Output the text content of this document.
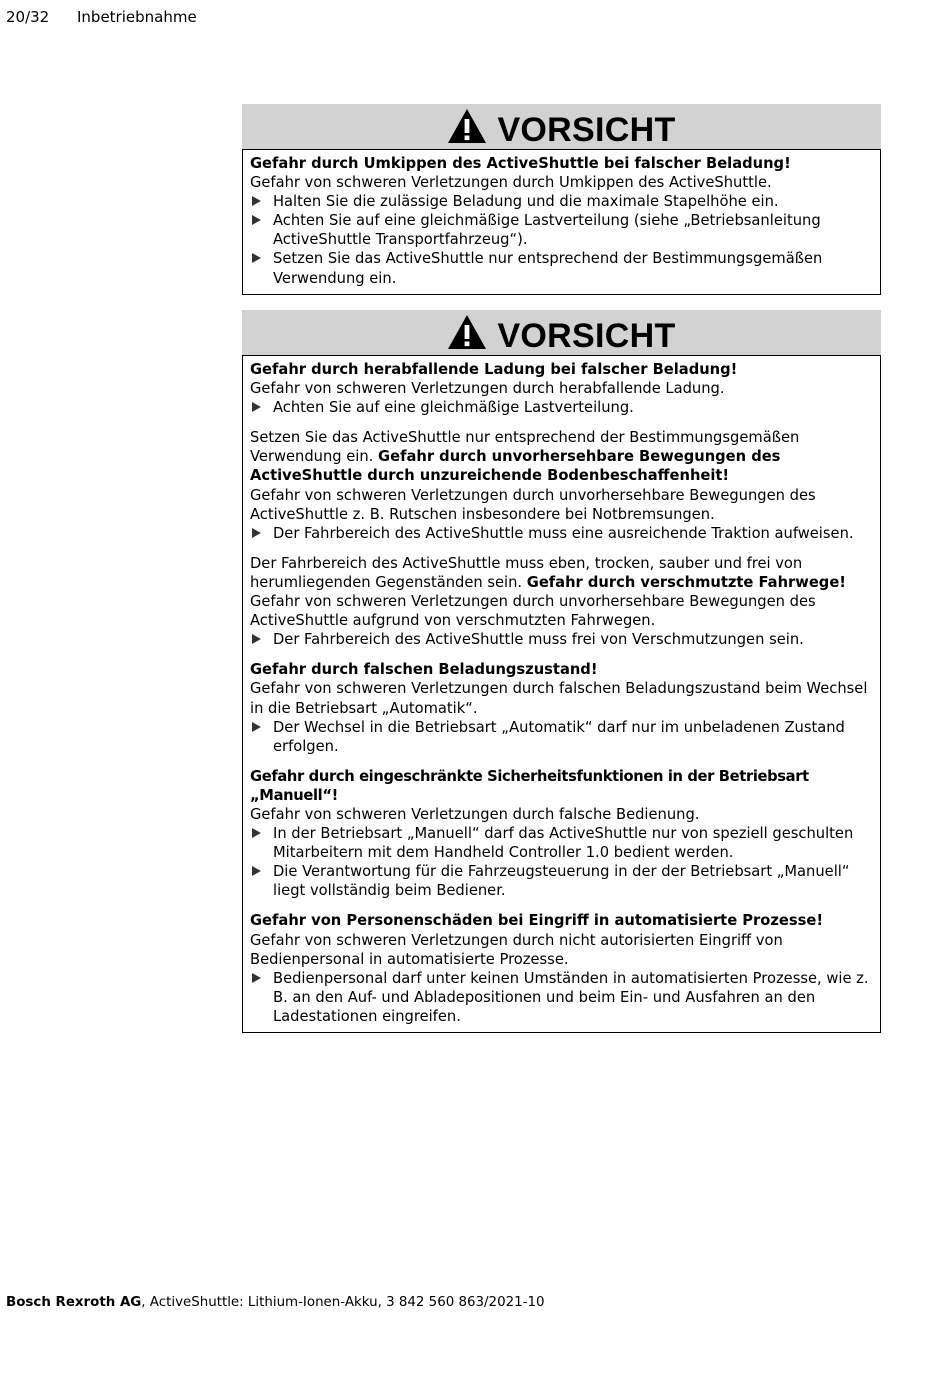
20/32 Inbetriebnahme
VORSICHT

Gefahr durch Umkippen des ActiveShuttle bei falscher Beladung!

Gefahr von schweren Verletzungen durch Umkippen des ActiveShuttle.

Halten Sie die zulässige Beladung und die maximale Stapelhöhe ein.
Achten Sie auf eine gleichmäßige Lastverteilung (siehe „Betriebsanleitung ActiveShuttle Transportfahrzeug“).
Setzen Sie das ActiveShuttle nur entsprechend der Bestimmungsgemäßen Verwendung ein.
VORSICHT

Gefahr durch herabfallende Ladung bei falscher Beladung!

Gefahr von schweren Verletzungen durch herabfallende Ladung.

Achten Sie auf eine gleichmäßige Lastverteilung.

Setzen Sie das ActiveShuttle nur entsprechend der Bestimmungsgemäßen Verwendung ein. Gefahr durch unvorhersehbare Bewegungen des ActiveShuttle durch unzureichende Bodenbeschaffenheit!

Gefahr von schweren Verletzungen durch unvorhersehbare Bewegungen des ActiveShuttle z. B. Rutschen insbesondere bei Notbremsungen.

Der Fahrbereich des ActiveShuttle muss eine ausreichende Traktion aufweisen.

Der Fahrbereich des ActiveShuttle muss eben, trocken, sauber und frei von herumliegenden Gegenständen sein. Gefahr durch verschmutzte Fahrwege!

Gefahr von schweren Verletzungen durch unvorhersehbare Bewegungen des ActiveShuttle aufgrund von verschmutzten Fahrwegen.

Der Fahrbereich des ActiveShuttle muss frei von Verschmutzungen sein.

Gefahr durch falschen Beladungszustand!

Gefahr von schweren Verletzungen durch falschen Beladungszustand beim Wechsel in die Betriebsart „Automatik“.

Der Wechsel in die Betriebsart „Automatik“ darf nur im unbeladenen Zustand erfolgen.

Gefahr durch eingeschränkte Sicherheitsfunktionen in der Betriebsart „Manuell“!

Gefahr von schweren Verletzungen durch falsche Bedienung.

In der Betriebsart „Manuell“ darf das ActiveShuttle nur von speziell geschulten Mitarbeitern mit dem Handheld Controller 1.0 bedient werden.
Die Verantwortung für die Fahrzeugsteuerung in der der Betriebsart „Manuell“ liegt vollständig beim Bediener.

Gefahr von Personenschäden bei Eingriff in automatisierte Prozesse!

Gefahr von schweren Verletzungen durch nicht autorisierten Eingriff von Bedienpersonal in automatisierte Prozesse.

Bedienpersonal darf unter keinen Umständen in automatisierten Prozesse, wie z. B. an den Auf- und Abladepositionen und beim Ein- und Ausfahren an den Ladestationen eingreifen.
Bosch Rexroth AG, ActiveShuttle: Lithium-Ionen-Akku, 3 842 560 863/2021-10
